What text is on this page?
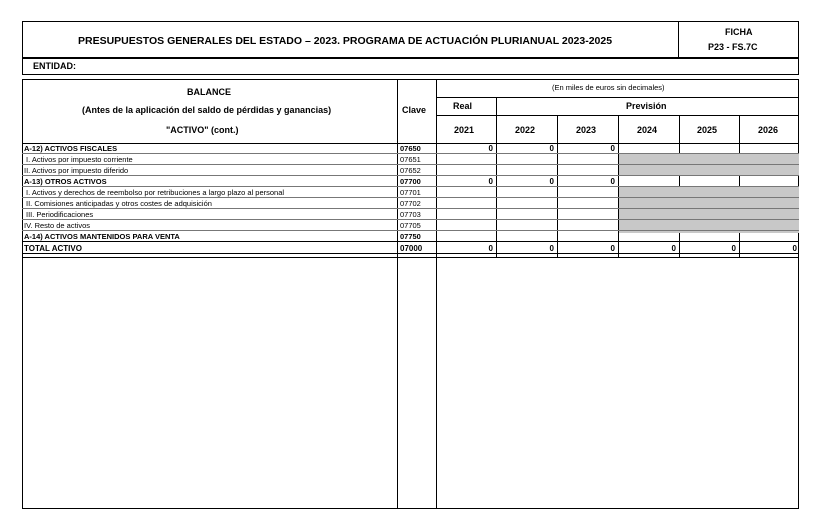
PRESUPUESTOS GENERALES DEL ESTADO – 2023. PROGRAMA DE ACTUACIÓN PLURIANUAL 2023-2025
FICHA
P23 - FS.7C
ENTIDAD:
BALANCE
(Antes de la aplicación del saldo de pérdidas y ganancias)
"ACTIVO" (cont.)
Clave
(En miles de euros sin decimales)
Real	Previsión
2021	2022	2023	2024	2025	2026
A-12) ACTIVOS FISCALES	07650	0	0	0
I. Activos por impuesto corriente	07651
II. Activos por impuesto diferido	07652
A-13) OTROS ACTIVOS	07700	0	0	0
I. Activos y derechos de reembolso por retribuciones a largo plazo al personal	07701
II. Comisiones anticipadas y otros costes de adquisición	07702
III. Periodificaciones	07703
IV. Resto de activos	07705
A-14) ACTIVOS MANTENIDOS PARA VENTA	07750
TOTAL ACTIVO	07000	0	0	0	0	0	0
